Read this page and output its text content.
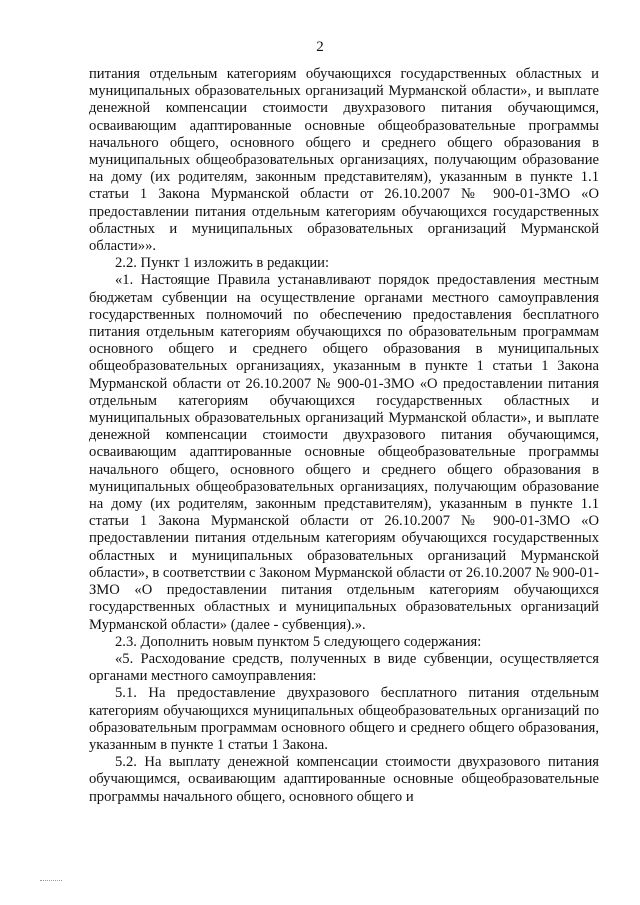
2

питания отдельным категориям обучающихся государственных областных и муниципальных образовательных организаций Мурманской области», и выплате денежной компенсации стоимости двухразового питания обучающимся, осваивающим адаптированные основные общеобразовательные программы начального общего, основного общего и среднего общего образования в муниципальных общеобразовательных организациях, получающим образование на дому (их родителям, законным представителям), указанным в пункте 1.1 статьи 1 Закона Мурманской области от 26.10.2007 № 900-01-ЗМО «О предоставлении питания отдельным категориям обучающихся государственных областных и муниципальных образовательных организаций Мурманской области»».

2.2. Пункт 1 изложить в редакции:

«1. Настоящие Правила устанавливают порядок предоставления местным бюджетам субвенции на осуществление органами местного самоуправления государственных полномочий по обеспечению предоставления бесплатного питания отдельным категориям обучающихся по образовательным программам основного общего и среднего общего образования в муниципальных общеобразовательных организациях, указанным в пункте 1 статьи 1 Закона Мурманской области от 26.10.2007 № 900-01-ЗМО «О предоставлении питания отдельным категориям обучающихся государственных областных и муниципальных образовательных организаций Мурманской области», и выплате денежной компенсации стоимости двухразового питания обучающимся, осваивающим адаптированные основные общеобразовательные программы начального общего, основного общего и среднего общего образования в муниципальных общеобразовательных организациях, получающим образование на дому (их родителям, законным представителям), указанным в пункте 1.1 статьи 1 Закона Мурманской области от 26.10.2007 № 900-01-ЗМО «О предоставлении питания отдельным категориям обучающихся государственных областных и муниципальных образовательных организаций Мурманской области», в соответствии с Законом Мурманской области от 26.10.2007 № 900-01-ЗМО «О предоставлении питания отдельным категориям обучающихся государственных областных и муниципальных образовательных организаций Мурманской области» (далее - субвенция).».

2.3. Дополнить новым пунктом 5 следующего содержания:

«5. Расходование средств, полученных в виде субвенции, осуществляется органами местного самоуправления:

5.1. На предоставление двухразового бесплатного питания отдельным категориям обучающихся муниципальных общеобразовательных организаций по образовательным программам основного общего и среднего общего образования, указанным в пункте 1 статьи 1 Закона.

5.2. На выплату денежной компенсации стоимости двухразового питания обучающимся, осваивающим адаптированные основные общеобразовательные программы начального общего, основного общего и
